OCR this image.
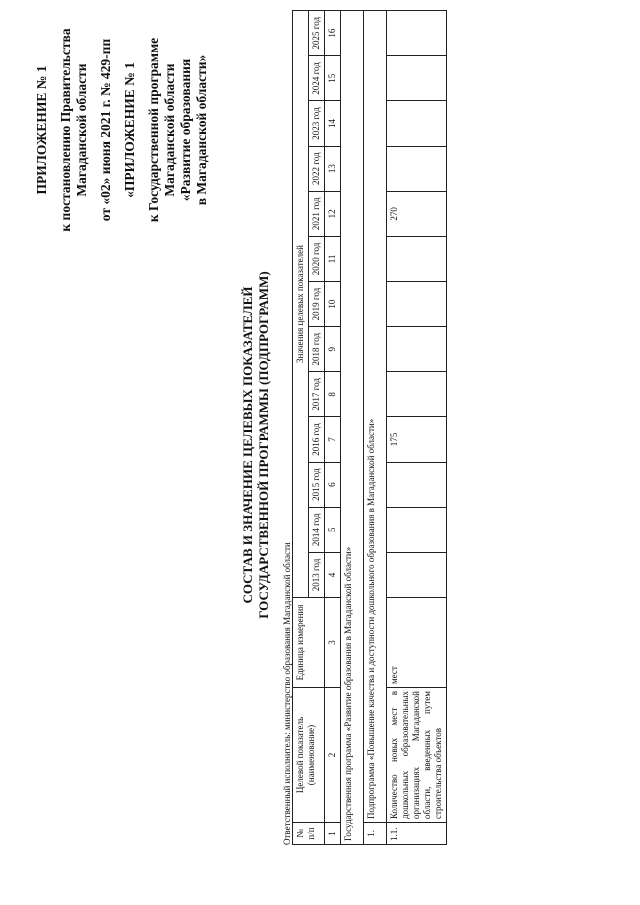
ПРИЛОЖЕНИЕ № 1 к постановлению Правительства Магаданской области от «02» июня 2021 г. № 429-пп «ПРИЛОЖЕНИЕ № 1 к Государственной программе Магаданской области «Развитие образования в Магаданской области»
СОСТАВ И ЗНАЧЕНИЕ ЦЕЛЕВЫХ ПОКАЗАТЕЛЕЙ ГОСУДАРСТВЕННОЙ ПРОГРАММЫ (ПОДПРОГРАММ)
Ответственный исполнитель: министерство образования Магаданской области № п/п	Целевой показатель (наименование)	Единица измерения	Значения целевых показателей												
			2013 год	2014 год	2015 год	2016 год	2017 год	2018 год	2019 год	2020 год	2021 год	2022 год	2023 год	2024 год	2025 год
1	2	3	4	5	6	7	8	9	10	11	12	13	14	15	16
Государственная программа «Развитие образования в Магаданской области»															
1.	Подпрограмма «Повышение качества и доступности дошкольного образования в Магаданской области»														
1.1.	Количество новых мест в дошкольных образовательных организациях Магаданской области, введенных путем строительства объектов	мест				175					270				
